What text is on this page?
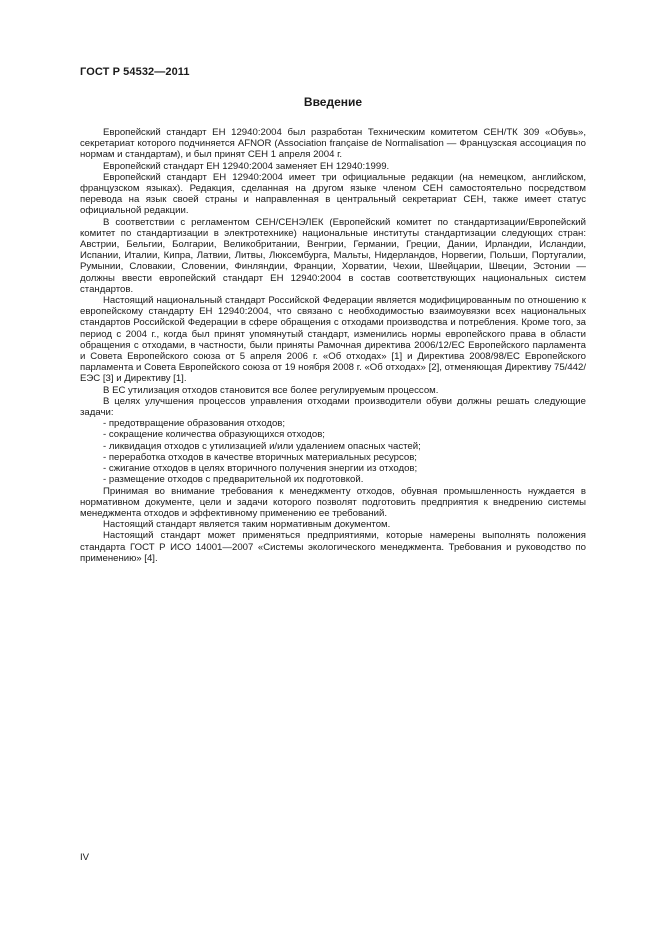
ГОСТ Р 54532—2011
Введение

Европейский стандарт ЕН 12940:2004 был разработан Техническим комитетом СЕН/ТК 309 «Обувь», секретариат которого подчиняется AFNOR (Association française de Normalisation — Французская ассоциация по нормам и стандартам), и был принят СЕН 1 апреля 2004 г.

Европейский стандарт ЕН 12940:2004 заменяет ЕН 12940:1999.

Европейский стандарт ЕН 12940:2004 имеет три официальные редакции (на немецком, английском, французском языках). Редакция, сделанная на другом языке членом СЕН самостоятельно посредством перевода на язык своей страны и направленная в центральный секретариат СЕН, также имеет статус официальной редакции.

В соответствии с регламентом СЕН/СЕНЭЛЕК (Европейский комитет по стандартизации/Европейский комитет по стандартизации в электротехнике) национальные институты стандартизации следующих стран: Австрии, Бельгии, Болгарии, Великобритании, Венгрии, Германии, Греции, Дании, Ирландии, Исландии, Испании, Италии, Кипра, Латвии, Литвы, Люксембурга, Мальты, Нидерландов, Норвегии, Польши, Португалии, Румынии, Словакии, Словении, Финляндии, Франции, Хорватии, Чехии, Швейцарии, Швеции, Эстонии — должны ввести европейский стандарт ЕН 12940:2004 в состав соответствующих национальных систем стандартов.

Настоящий национальный стандарт Российской Федерации является модифицированным по отношению к европейскому стандарту ЕН 12940:2004, что связано с необходимостью взаимоувязки всех национальных стандартов Российской Федерации в сфере обращения с отходами производства и потребления. Кроме того, за период с 2004 г., когда был принят упомянутый стандарт, изменились нормы европейского права в области обращения с отходами, в частности, были приняты Рамочная директива 2006/12/ЕС Европейского парламента и Совета Европейского союза от 5 апреля 2006 г. «Об отходах» [1] и Директива 2008/98/ЕС Европейского парламента и Совета Европейского союза от 19 ноября 2008 г. «Об отходах» [2], отменяющая Директиву 75/442/ЕЭС [3] и Директиву [1].

В ЕС утилизация отходов становится все более регулируемым процессом.

В целях улучшения процессов управления отходами производители обуви должны решать следующие задачи:

- предотвращение образования отходов;
- сокращение количества образующихся отходов;
- ликвидация отходов с утилизацией и/или удалением опасных частей;
- переработка отходов в качестве вторичных материальных ресурсов;
- сжигание отходов в целях вторичного получения энергии из отходов;
- размещение отходов с предварительной их подготовкой.

Принимая во внимание требования к менеджменту отходов, обувная промышленность нуждается в нормативном документе, цели и задачи которого позволят подготовить предприятия к внедрению системы менеджмента отходов и эффективному применению ее требований.

Настоящий стандарт является таким нормативным документом.

Настоящий стандарт может применяться предприятиями, которые намерены выполнять положения стандарта ГОСТ Р ИСО 14001—2007 «Системы экологического менеджмента. Требования и руководство по применению» [4].

IV
